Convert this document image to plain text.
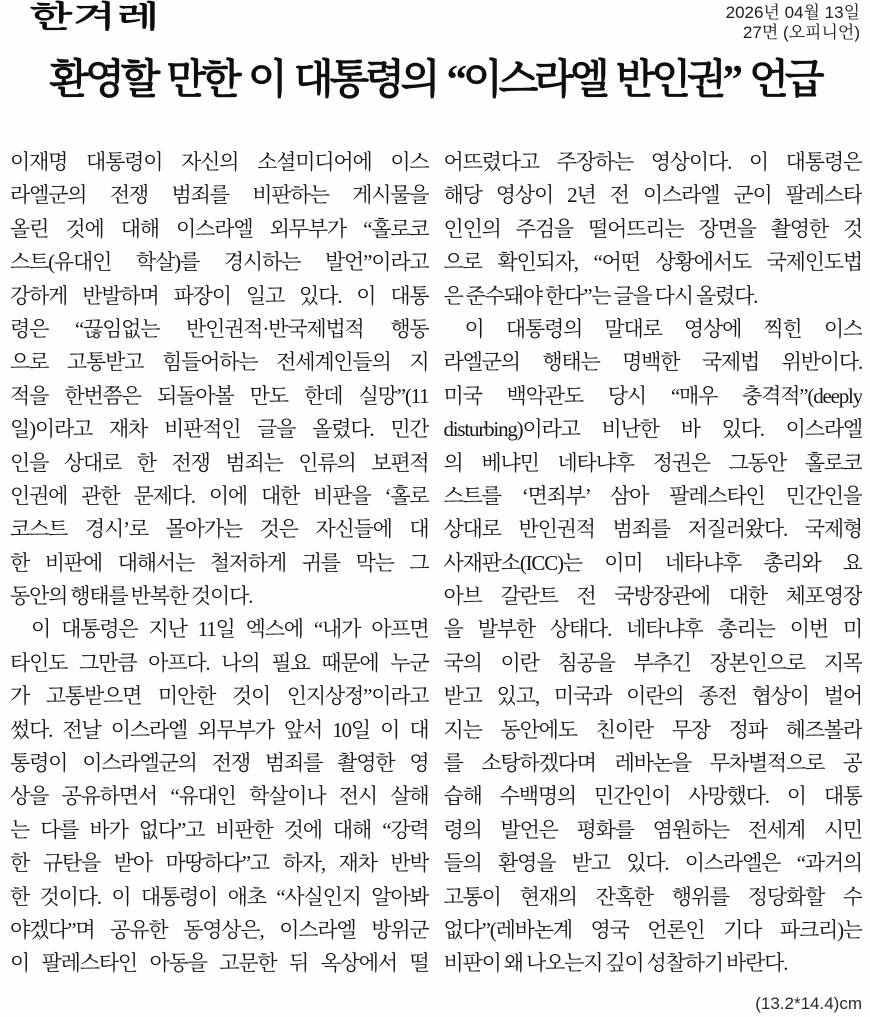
한겨레	2026년 04월 13일
27면 (오피니언)
환영할 만한 이 대통령의 “이스라엘 반인권” 언급
이재명 대통령이 자신의 소셜미디어에 이스
라엘군의 전쟁 범죄를 비판하는 게시물을
올린 것에 대해 이스라엘 외무부가 “홀로코
스트(유대인 학살)를 경시하는 발언”이라고
강하게 반발하며 파장이 일고 있다. 이 대통
령은 “끊임없는 반인권적·반국제법적 행동
으로 고통받고 힘들어하는 전세계인들의 지
적을 한번쯤은 되돌아볼 만도 한데 실망”(11
일)이라고 재차 비판적인 글을 올렸다. 민간
인을 상대로 한 전쟁 범죄는 인류의 보편적
인권에 관한 문제다. 이에 대한 비판을 ‘홀로
코스트 경시’로 몰아가는 것은 자신들에 대
한 비판에 대해서는 철저하게 귀를 막는 그
동안의 행태를 반복한 것이다.
이 대통령은 지난 11일 엑스에 “내가 아프면
타인도 그만큼 아프다. 나의 필요 때문에 누군
가 고통받으면 미안한 것이 인지상정”이라고
썼다. 전날 이스라엘 외무부가 앞서 10일 이 대
통령이 이스라엘군의 전쟁 범죄를 촬영한 영
상을 공유하면서 “유대인 학살이나 전시 살해
는 다를 바가 없다”고 비판한 것에 대해 “강력
한 규탄을 받아 마땅하다”고 하자, 재차 반박
한 것이다. 이 대통령이 애초 “사실인지 알아봐
야겠다”며 공유한 동영상은, 이스라엘 방위군
이 팔레스타인 아동을 고문한 뒤 옥상에서 떨
어뜨렸다고 주장하는 영상이다. 이 대통령은
해당 영상이 2년 전 이스라엘 군이 팔레스타
인인의 주검을 떨어뜨리는 장면을 촬영한 것
으로 확인되자, “어떤 상황에서도 국제인도법
은 준수돼야 한다”는 글을 다시 올렸다.
이 대통령의 말대로 영상에 찍힌 이스
라엘군의 행태는 명백한 국제법 위반이다.
미국 백악관도 당시 “매우 충격적”(deeply
disturbing)이라고 비난한 바 있다. 이스라엘
의 베냐민 네타냐후 정권은 그동안 홀로코
스트를 ‘면죄부’ 삼아 팔레스타인 민간인을
상대로 반인권적 범죄를 저질러왔다. 국제형
사재판소(ICC)는 이미 네타냐후 총리와 요
아브 갈란트 전 국방장관에 대한 체포영장
을 발부한 상태다. 네타냐후 총리는 이번 미
국의 이란 침공을 부추긴 장본인으로 지목
받고 있고, 미국과 이란의 종전 협상이 벌어
지는 동안에도 친이란 무장 정파 헤즈볼라
를 소탕하겠다며 레바논을 무차별적으로 공
습해 수백명의 민간인이 사망했다. 이 대통
령의 발언은 평화를 염원하는 전세계 시민
들의 환영을 받고 있다. 이스라엘은 “과거의
고통이 현재의 잔혹한 행위를 정당화할 수
없다”(레바논계 영국 언론인 기다 파크리)는
비판이 왜 나오는지 깊이 성찰하기 바란다.
(13.2*14.4)cm
